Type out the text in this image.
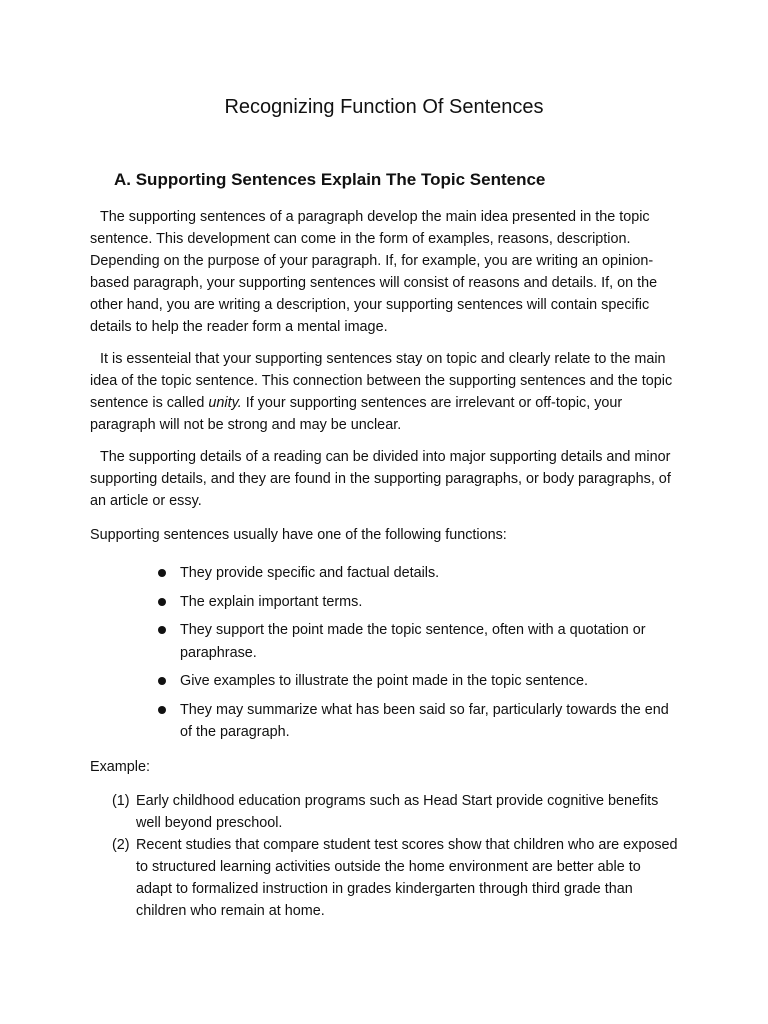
Recognizing Function Of Sentences
A. Supporting Sentences Explain The Topic Sentence

The supporting sentences of a paragraph develop the main idea presented in the topic sentence. This development can come in the form of examples, reasons, description. Depending on the purpose of your paragraph. If, for example, you are writing an opinion-based paragraph, your supporting sentences will consist of reasons and details. If, on the other hand, you are writing a description, your supporting sentences will contain specific details to help the reader form a mental image.

It is essenteial that your supporting sentences stay on topic and clearly relate to the main idea of the topic sentence. This connection between the supporting sentences and the topic sentence is called unity. If your supporting sentences are irrelevant or off-topic, your paragraph will not be strong and may be unclear.

The supporting details of a reading can be divided into major supporting details and minor supporting details, and they are found in the supporting paragraphs, or body paragraphs, of an article or essy.

Supporting sentences usually have one of the following functions:

They provide specific and factual details.
The explain important terms.
They support the point made the topic sentence, often with a quotation or paraphrase.
Give examples to illustrate the point made in the topic sentence.
They may summarize what has been said so far, particularly towards the end of the paragraph.

Example:

(1) Early childhood education programs such as Head Start provide cognitive benefits well beyond preschool.
(2) Recent studies that compare student test scores show that children who are exposed to structured learning activities outside the home environment are better able to adapt to formalized instruction in grades kindergarten through third grade than children who remain at home.
